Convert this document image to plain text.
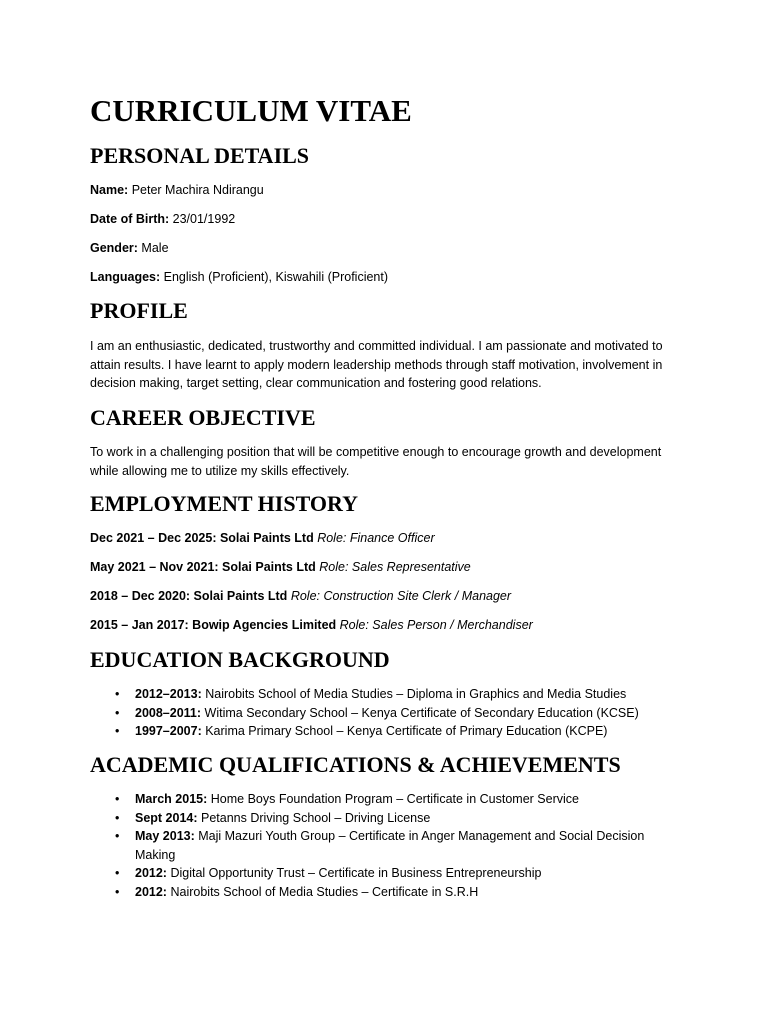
CURRICULUM VITAE
PERSONAL DETAILS

Name: Peter Machira Ndirangu

Date of Birth: 23/01/1992

Gender: Male

Languages: English (Proficient), Kiswahili (Proficient)

PROFILE

I am an enthusiastic, dedicated, trustworthy and committed individual. I am passionate and motivated to attain results. I have learnt to apply modern leadership methods through staff motivation, involvement in decision making, target setting, clear communication and fostering good relations.

CAREER OBJECTIVE

To work in a challenging position that will be competitive enough to encourage growth and development while allowing me to utilize my skills effectively.

EMPLOYMENT HISTORY

Dec 2021 – Dec 2025: Solai Paints Ltd Role: Finance Officer

May 2021 – Nov 2021: Solai Paints Ltd Role: Sales Representative

2018 – Dec 2020: Solai Paints Ltd Role: Construction Site Clerk / Manager

2015 – Jan 2017: Bowip Agencies Limited Role: Sales Person / Merchandiser

EDUCATION BACKGROUND
• 2012–2013: Nairobits School of Media Studies – Diploma in Graphics and Media Studies
• 2008–2011: Witima Secondary School – Kenya Certificate of Secondary Education (KCSE)
• 1997–2007: Karima Primary School – Kenya Certificate of Primary Education (KCPE)
ACADEMIC QUALIFICATIONS & ACHIEVEMENTS
• March 2015: Home Boys Foundation Program – Certificate in Customer Service
• Sept 2014: Petanns Driving School – Driving License
• May 2013: Maji Mazuri Youth Group – Certificate in Anger Management and Social Decision Making
• 2012: Digital Opportunity Trust – Certificate in Business Entrepreneurship
• 2012: Nairobits School of Media Studies – Certificate in S.R.H
